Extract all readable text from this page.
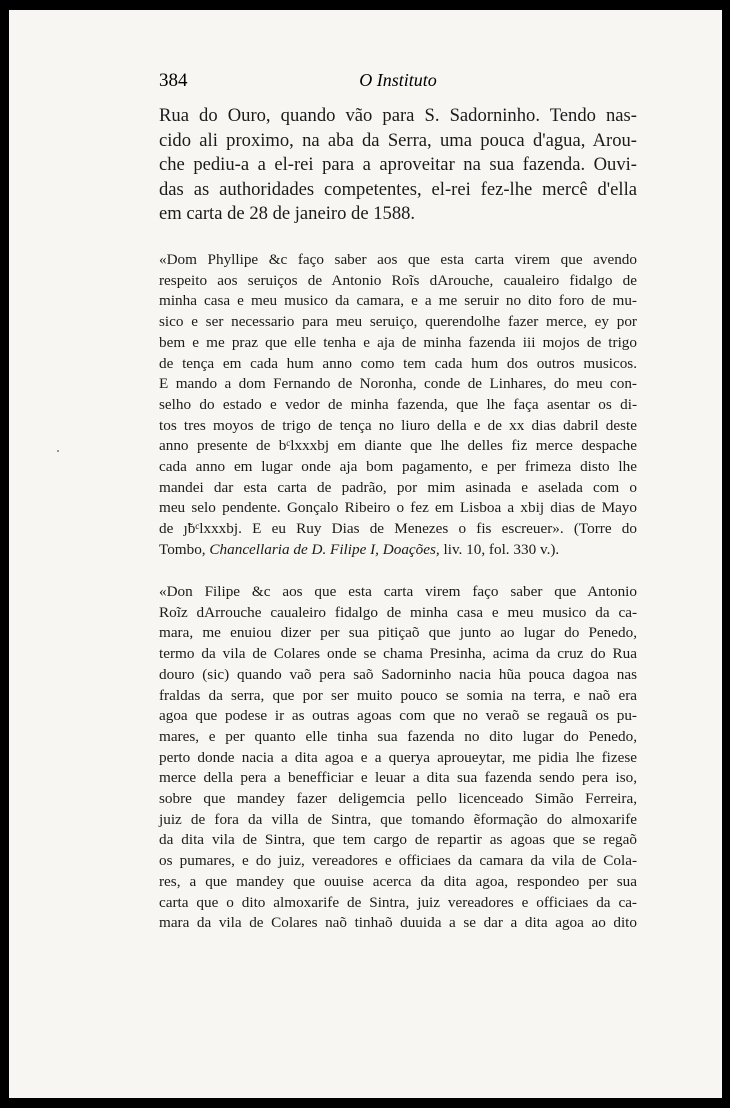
384	O Instituto

Rua do Ouro, quando vão para S. Sadorninho. Tendo nas-
cido ali proximo, na aba da Serra, uma pouca d'agua, Arou-
che pediu-a a el-rei para a aproveitar na sua fazenda. Ouvi-
das as authoridades competentes, el-rei fez-lhe mercê d'ella
em carta de 28 de janeiro de 1588.

«Dom Phyllipe &c faço saber aos que esta carta virem que avendo
respeito aos seruiços de Antonio Roĩs dArouche, caualeiro fidalgo de
minha casa e meu musico da camara, e a me seruir no dito foro de mu-
sico e ser necessario para meu seruiço, querendolhe fazer merce, ey por
bem e me praz que elle tenha e aja de minha fazenda iii mojos de trigo
de tença em cada hum anno como tem cada hum dos outros musicos.
E mando a dom Fernando de Noronha, conde de Linhares, do meu con-
selho do estado e vedor de minha fazenda, que lhe faça asentar os di-
tos tres moyos de trigo de tença no liuro della e de xx dias dabril deste
anno presente de bᶜlxxxbj em diante que lhe delles fiz merce despache
cada anno em lugar onde aja bom pagamento, e per frimeza disto lhe
mandei dar esta carta de padrão, por mim asinada e aselada com o
meu selo pendente. Gonçalo Ribeiro o fez em Lisboa a xbij dias de Mayo
de ȷ̃bᶜlxxxbj. E eu Ruy Dias de Menezes o fis escreuer». (Torre do
Tombo, Chancellaria de D. Filipe I, Doações, liv. 10, fol. 330 v.).
«Don Filipe &c aos que esta carta virem faço saber que Antonio
Roĩz dArrouche caualeiro fidalgo de minha casa e meu musico da ca-
mara, me enuiou dizer per sua pitiçaõ que junto ao lugar do Penedo,
termo da vila de Colares onde se chama Presinha, acima da cruz do Rua
douro (sic) quando vaõ pera saõ Sadorninho nacia hũa pouca dagoa nas
fraldas da serra, que por ser muito pouco se somia na terra, e naõ era
agoa que podese ir as outras agoas com que no veraõ se regauã os pu-
mares, e per quanto elle tinha sua fazenda no dito lugar do Penedo,
perto donde nacia a dita agoa e a querya aproueytar, me pidia lhe fizese
merce della pera a benefficiar e leuar a dita sua fazenda sendo pera iso,
sobre que mandey fazer deligemcia pello licenceado Simão Ferreira,
juiz de fora da villa de Sintra, que tomando ẽformação do almoxarife
da dita vila de Sintra, que tem cargo de repartir as agoas que se regaõ
os pumares, e do juiz, vereadores e officiaes da camara da vila de Cola-
res, a que mandey que ouuise acerca da dita agoa, respondeo per sua
carta que o dito almoxarife de Sintra, juiz vereadores e officiaes da ca-
mara da vila de Colares naõ tinhaõ duuida a se dar a dita agoa ao dito
